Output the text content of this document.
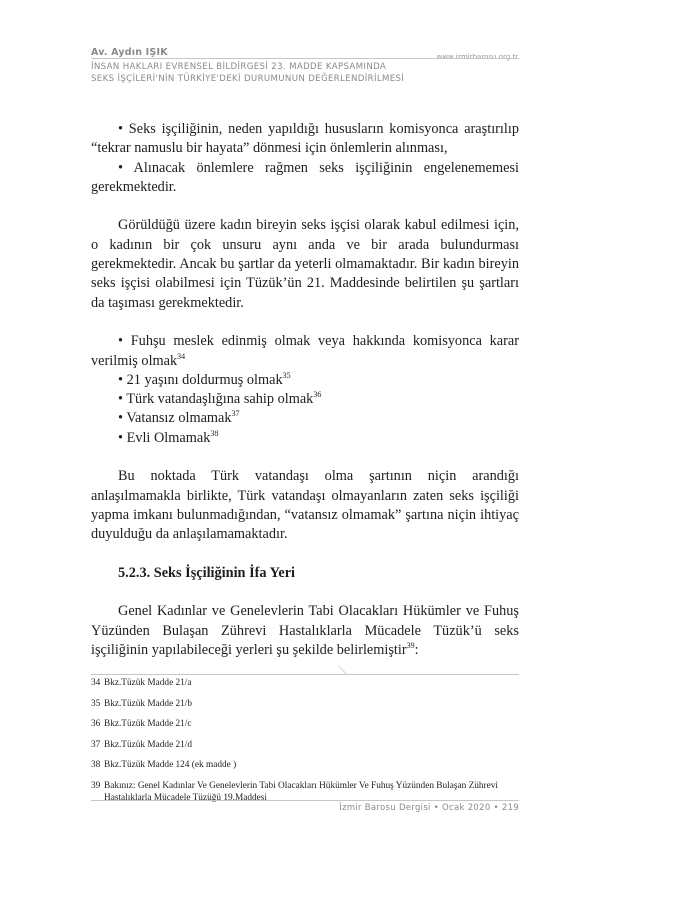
Av. Aydın IŞIK	www.izmirbarosu.org.tr
İNSAN HAKLARI EVRENSEL BİLDİRGESİ 23. MADDE KAPSAMINDA
SEKS İŞÇİLERİ'NİN TÜRKİYE'DEKİ DURUMUNUN DEĞERLENDİRİLMESİ

• Seks işçiliğinin, neden yapıldığı hususların komisyonca araştırılıp “tekrar namuslu bir hayata” dönmesi için önlemlerin alınması,

• Alınacak önlemlere rağmen seks işçiliğinin engelenememesi gerekmektedir.

Görüldüğü üzere kadın bireyin seks işçisi olarak kabul edilmesi için, o kadının bir çok unsuru aynı anda ve bir arada bulundurması gerekmektedir. Ancak bu şartlar da yeterli olmamaktadır. Bir kadın bireyin seks işçisi olabilmesi için Tüzük’ün 21. Maddesinde belirtilen şu şartları da taşıması gerekmektedir.

• Fuhşu meslek edinmiş olmak veya hakkında komisyonca karar verilmiş olmak$^{34}$

• 21 yaşını doldurmuş olmak$^{35}$

• Türk vatandaşlığına sahip olmak$^{36}$

• Vatansız olmamak$^{37}$

• Evli Olmamak$^{38}$

Bu noktada Türk vatandaşı olma şartının niçin arandığı anlaşılmamakla birlikte, Türk vatandaşı olmayanların zaten seks işçiliği yapma imkanı bulunmadığından, “vatansız olmamak” şartına niçin ihtiyaç duyulduğu da anlaşılamamaktadır.

5.2.3. Seks İşçiliğinin İfa Yeri

Genel Kadınlar ve Genelevlerin Tabi Olacakları Hükümler ve Fuhuş Yüzünden Bulaşan Zührevi Hastalıklarla Mücadele Tüzük’ü seks işçiliğinin yapılabileceği yerleri şu şekilde belirlemiştir$^{39}$:

34 Bkz.Tüzük Madde 21/a
35 Bkz.Tüzük Madde 21/b
36 Bkz.Tüzük Madde 21/c
37 Bkz.Tüzük Madde 21/d
38 Bkz.Tüzük Madde 124 (ek madde )
39 Bakınız: Genel Kadınlar Ve Genelevlerin Tabi Olacakları Hükümler Ve Fuhuş Yüzünden Bulaşan Zührevi Hastalıklarla Mücadele Tüzüğü 19.Maddesi
İzmir Barosu Dergisi • Ocak 2020 • 219
